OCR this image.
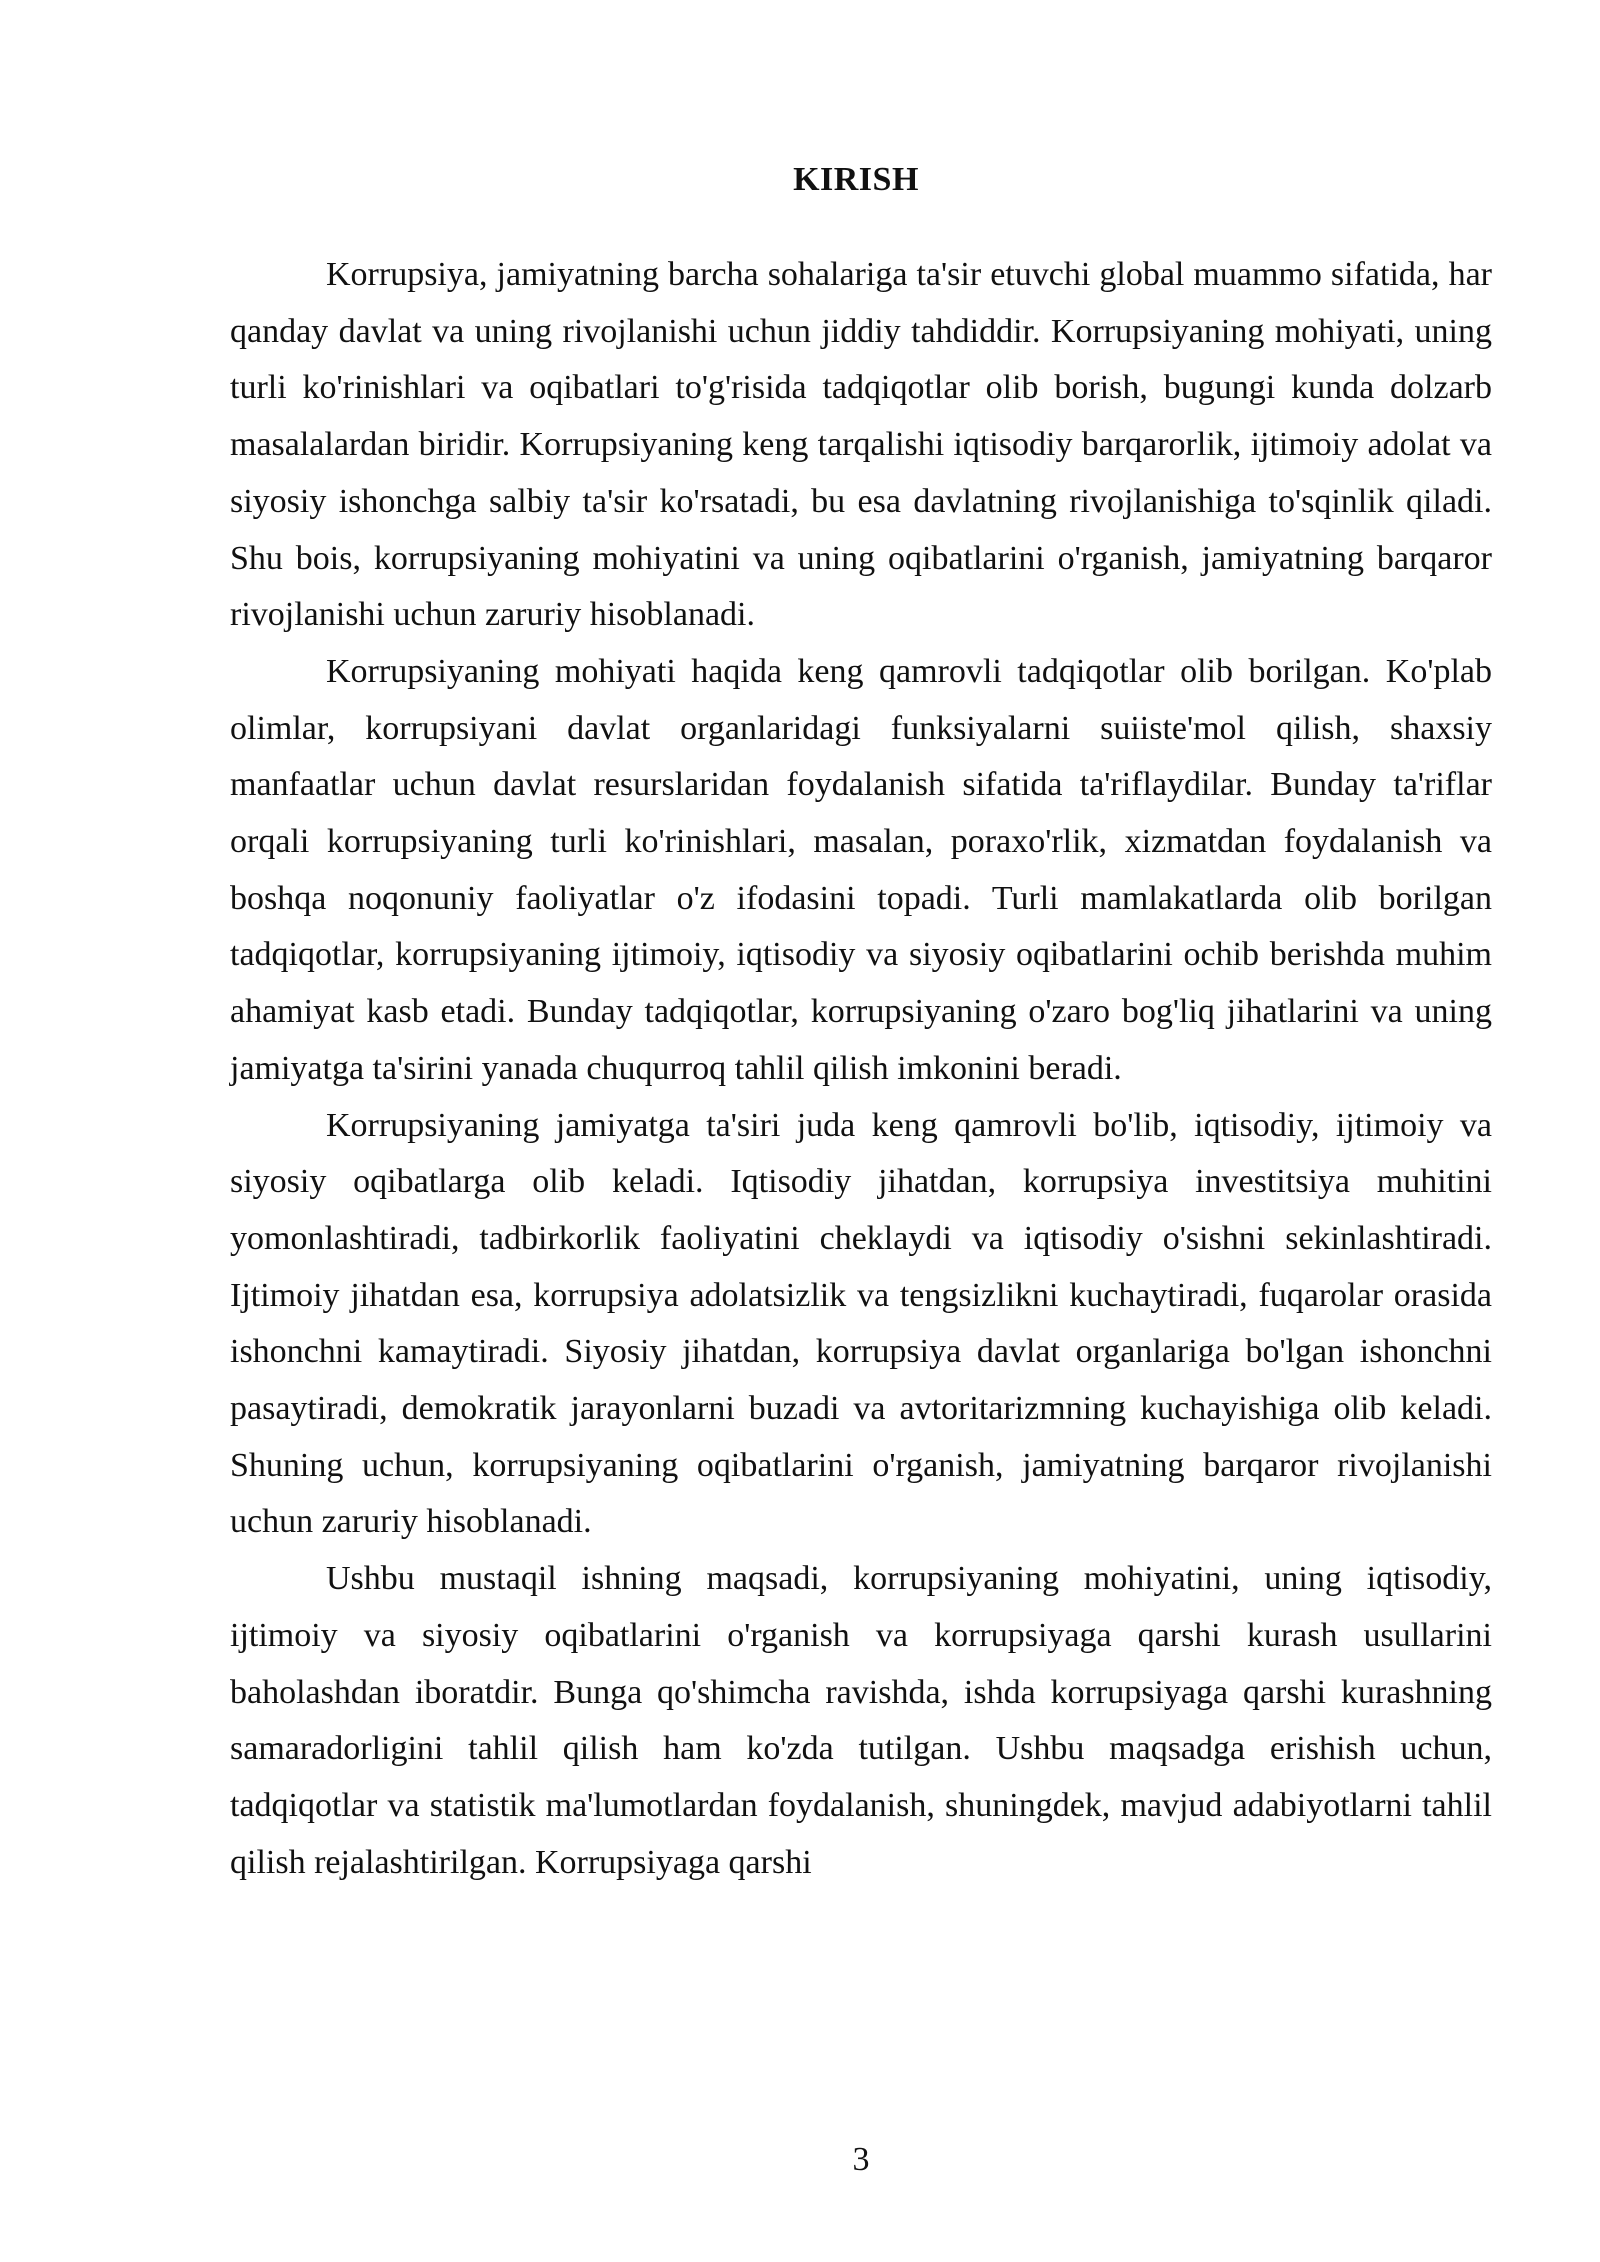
KIRISH

Korrupsiya, jamiyatning barcha sohalariga ta'sir etuvchi global muammo sifatida, har qanday davlat va uning rivojlanishi uchun jiddiy tahdiddir. Korrupsiyaning mohiyati, uning turli ko'rinishlari va oqibatlari to'g'risida tadqiqotlar olib borish, bugungi kunda dolzarb masalalardan biridir. Korrupsiyaning keng tarqalishi iqtisodiy barqarorlik, ijtimoiy adolat va siyosiy ishonchga salbiy ta'sir ko'rsatadi, bu esa davlatning rivojlanishiga to'sqinlik qiladi. Shu bois, korrupsiyaning mohiyatini va uning oqibatlarini o'rganish, jamiyatning barqaror rivojlanishi uchun zaruriy hisoblanadi.

Korrupsiyaning mohiyati haqida keng qamrovli tadqiqotlar olib borilgan. Ko'plab olimlar, korrupsiyani davlat organlaridagi funksiyalarni suiiste'mol qilish, shaxsiy manfaatlar uchun davlat resurslaridan foydalanish sifatida ta'riflaydilar. Bunday ta'riflar orqali korrupsiyaning turli ko'rinishlari, masalan, poraxo'rlik, xizmatdan foydalanish va boshqa noqonuniy faoliyatlar o'z ifodasini topadi. Turli mamlakatlarda olib borilgan tadqiqotlar, korrupsiyaning ijtimoiy, iqtisodiy va siyosiy oqibatlarini ochib berishda muhim ahamiyat kasb etadi. Bunday tadqiqotlar, korrupsiyaning o'zaro bog'liq jihatlarini va uning jamiyatga ta'sirini yanada chuqurroq tahlil qilish imkonini beradi.

Korrupsiyaning jamiyatga ta'siri juda keng qamrovli bo'lib, iqtisodiy, ijtimoiy va siyosiy oqibatlarga olib keladi. Iqtisodiy jihatdan, korrupsiya investitsiya muhitini yomonlashtiradi, tadbirkorlik faoliyatini cheklaydi va iqtisodiy o'sishni sekinlashtiradi. Ijtimoiy jihatdan esa, korrupsiya adolatsizlik va tengsizlikni kuchaytiradi, fuqarolar orasida ishonchni kamaytiradi. Siyosiy jihatdan, korrupsiya davlat organlariga bo'lgan ishonchni pasaytiradi, demokratik jarayonlarni buzadi va avtoritarizmning kuchayishiga olib keladi. Shuning uchun, korrupsiyaning oqibatlarini o'rganish, jamiyatning barqaror rivojlanishi uchun zaruriy hisoblanadi.

Ushbu mustaqil ishning maqsadi, korrupsiyaning mohiyatini, uning iqtisodiy, ijtimoiy va siyosiy oqibatlarini o'rganish va korrupsiyaga qarshi kurash usullarini baholashdan iboratdir. Bunga qo'shimcha ravishda, ishda korrupsiyaga qarshi kurashning samaradorligini tahlil qilish ham ko'zda tutilgan. Ushbu maqsadga erishish uchun, tadqiqotlar va statistik ma'lumotlardan foydalanish, shuningdek, mavjud adabiyotlarni tahlil qilish rejalashtirilgan. Korrupsiyaga qarshi

3
